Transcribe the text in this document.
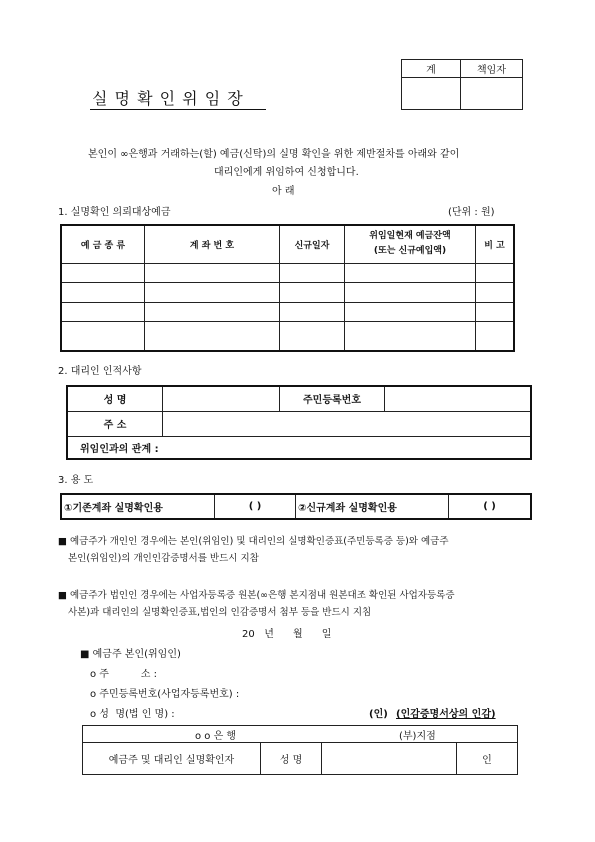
계	책임자

실 명 확 인 위 임 장
본인이 ∞은행과 거래하는(할) 예금(신탁)의 실명 확인을 위한 제반절차를 아래와 같이
대리인에게 위임하여 신청합니다.
아 래
1. 실명확인 의뢰대상예금	(단위 : 원)
예 금 종 류	계 좌 번 호	신규일자	위임일현재 예금잔액
(또는 신규예입액)	비 고

2. 대리인 인적사항
성 명		주민등록번호	
주 소			
위임인과의 관계 :			
3. 용 도
①기존계좌 실명확인용	( )	②신규계좌 실명확인용	( )
■ 예금주가 개인인 경우에는 본인(위임인) 및 대리인의 실명확인증표(주민등록증 등)와 예금주
본인(위임인)의 개인인감증명서를 반드시 지참
■ 예금주가 법인인 경우에는 사업자등록증 원본(∞은행 본지점내 원본대조 확인된 사업자등록증
사본)과 대리인의 실명확인증표,법인의 인감증명서 첨부 등을 반드시 지침
20   년      월      일
■ 예금주 본인(위임인)
o 주          소 :
o 주민등록번호(사업자등록번호) :
o 성  명(법 인 명) :	(인) (인감증명서상의 인감)
o o 은 행	(부)지점

예금주 및 대리인 실명확인자	성 명		인
